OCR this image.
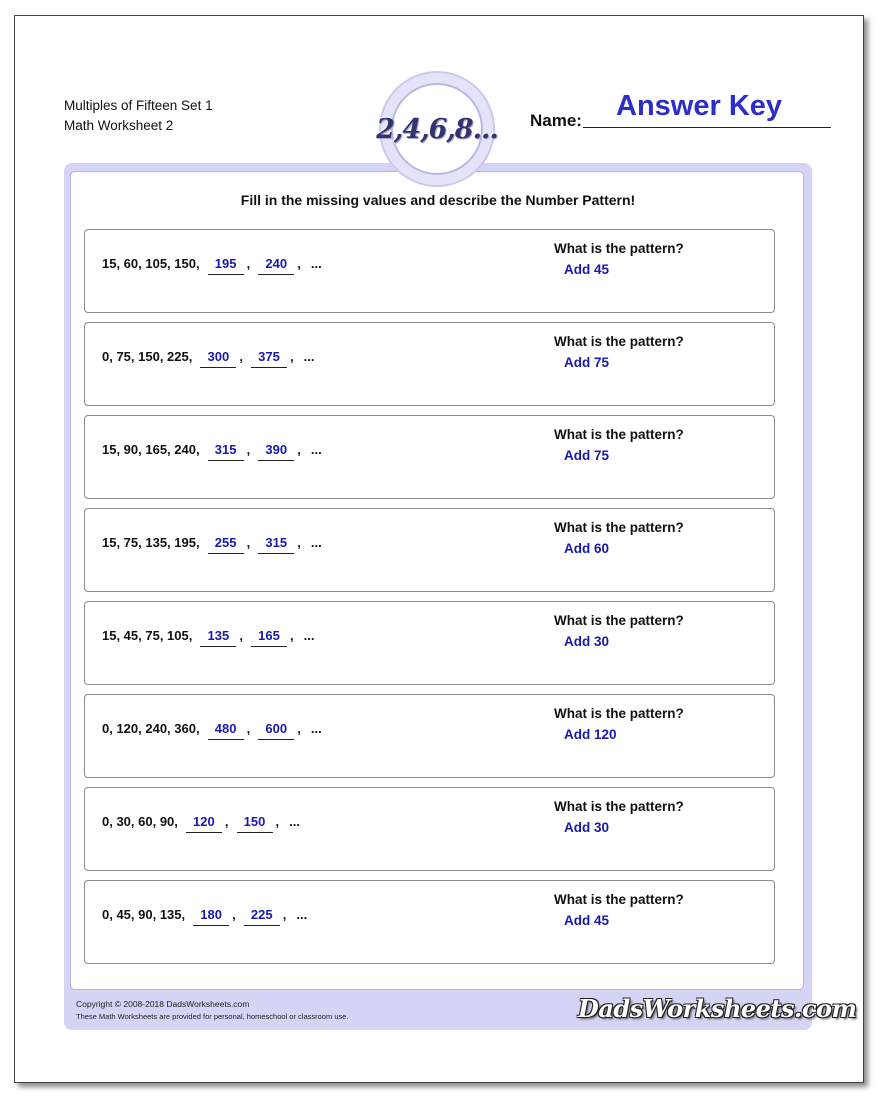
Multiples of Fifteen Set 1
Math Worksheet 2	2,4,6,8... Name: Answer Key
Fill in the missing values and describe the Number Pattern!
15, 60, 105, 150,	195 ,	240 , ...
What is the pattern?
Add 45
0, 75, 150, 225,	300 ,	375 , ...
What is the pattern?
Add 75
15, 90, 165, 240,	315 ,	390 , ...
What is the pattern?
Add 75
15, 75, 135, 195,	255 ,	315 , ...
What is the pattern?
Add 60
15, 45, 75, 105,	135 ,	165 , ...
What is the pattern?
Add 30
0, 120, 240, 360,	480 ,	600 , ...
What is the pattern?
Add 120
0, 30, 60, 90,	120 ,	150 , ...
What is the pattern?
Add 30
0, 45, 90, 135,	180 ,	225 , ...
What is the pattern?
Add 45
Copyright © 2008-2018 DadsWorksheets.com
These Math Worksheets are provided for personal, homeschool or classroom use.	DadsWorksheets.com
